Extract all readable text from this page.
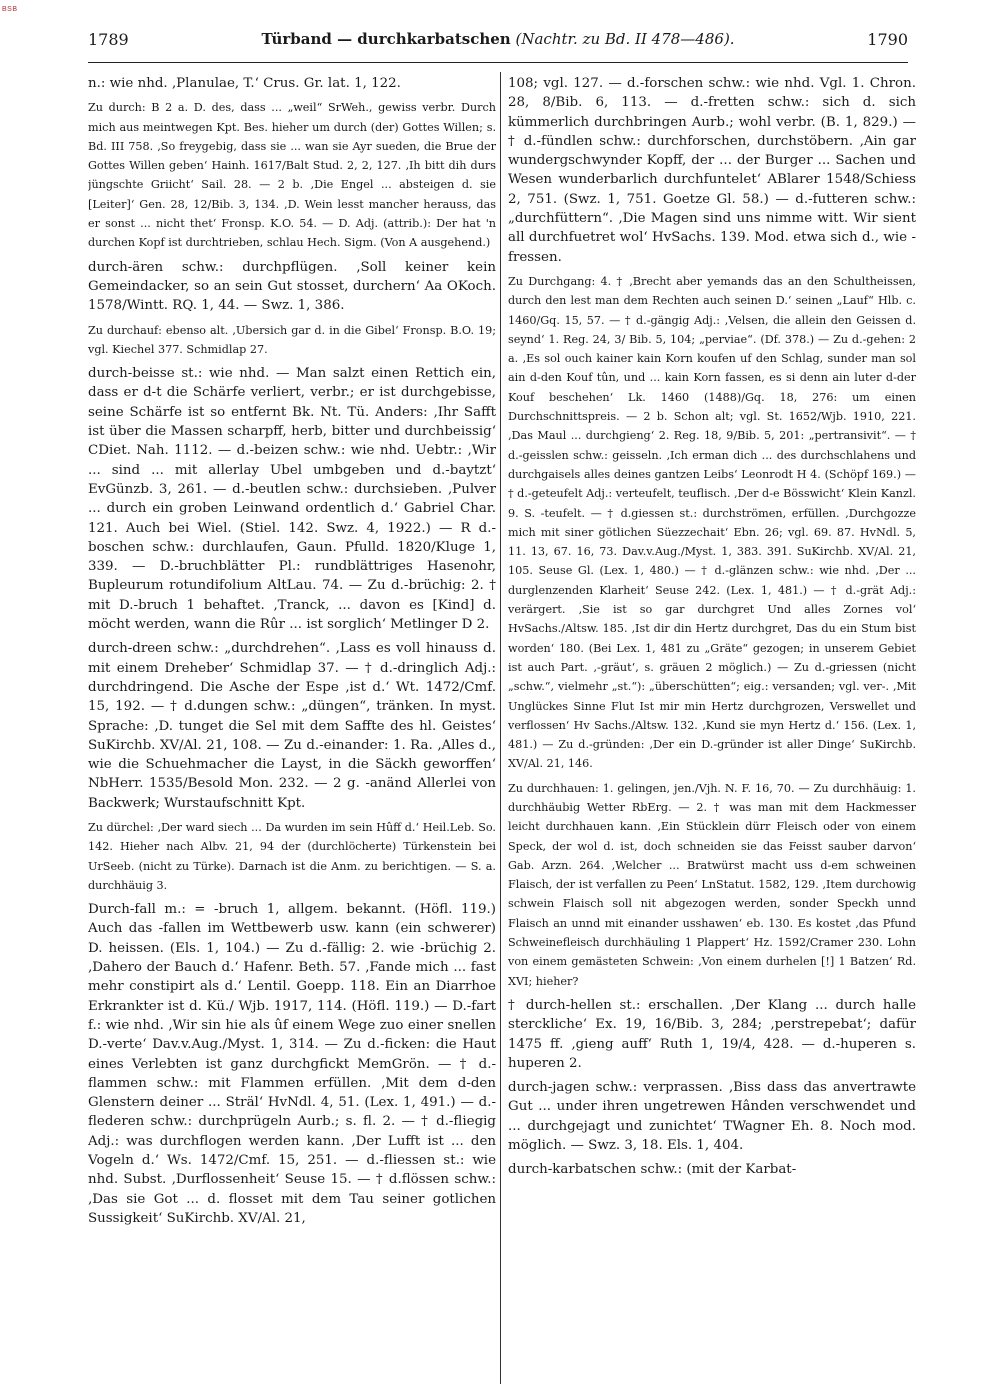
BSB
1789	Türband — durchkarbatschen (Nachtr. zu Bd. II 478—486).	1790

n.: wie nhd. ‚Planulae, T.‘ Crus. Gr. lat. 1, 122.

Zu durch: B 2 a. D. des, dass ... „weil“ SrWeh., gewiss verbr. Durch mich aus meintwegen Kpt. Bes. hieher um durch (der) Gottes Willen; s. Bd. III 758. ‚So freygebig, dass sie ... wan sie Ayr sueden, die Brue der Gottes Willen geben‘ Hainh. 1617/Balt Stud. 2, 2, 127. ‚Ih bitt dih durs jüngschte Griicht‘ Sail. 28. — 2 b. ‚Die Engel ... absteigen d. sie [Leiter]‘ Gen. 28, 12/Bib. 3, 134. ‚D. Wein lesst mancher herauss, das er sonst ... nicht thet‘ Fronsp. K.O. 54. — D. Adj. (attrib.): Der hat 'n durchen Kopf ist durchtrieben, schlau Hech. Sigm. (Von A ausgehend.)

durch-ären schw.: durchpflügen. ‚Soll keiner kein Gemeindacker, so an sein Gut stosset, durchern‘ Aa OKoch. 1578/Wintt. RQ. 1, 44. — Swz. 1, 386.

Zu durchauf: ebenso alt. ‚Ubersich gar d. in die Gibel‘ Fronsp. B.O. 19; vgl. Kiechel 377. Schmidlap 27.

durch-beisse st.: wie nhd. — Man salzt einen Rettich ein, dass er d-t die Schärfe verliert, verbr.; er ist durchgebisse, seine Schärfe ist so entfernt Bk. Nt. Tü. Anders: ‚Ihr Safft ist über die Massen scharpff, herb, bitter und durchbeissig‘ CDiet. Nah. 1112. — d.-beizen schw.: wie nhd. Uebtr.: ‚Wir ... sind ... mit allerlay Ubel umbgeben und d.-baytzt‘ EvGünzb. 3, 261. — d.-beutlen schw.: durchsieben. ‚Pulver ... durch ein groben Leinwand ordentlich d.‘ Gabriel Char. 121. Auch bei Wiel. (Stiel. 142. Swz. 4, 1922.) — R d.-boschen schw.: durchlaufen, Gaun. Pfulld. 1820/Kluge 1, 339. — D.-bruchblätter Pl.: rundblättriges Hasenohr, Bupleurum rotundifolium AltLau. 74. — Zu d.-brüchig: 2. † mit D.-bruch 1 behaftet. ‚Tranck, ... davon es [Kind] d. möcht werden, wann die Rûr ... ist sorglich‘ Metlinger D 2.

durch-dreen schw.: „durchdrehen“. ‚Lass es voll hinauss d. mit einem Dreheber‘ Schmidlap 37. — † d.-dringlich Adj.: durchdringend. Die Asche der Espe ‚ist d.‘ Wt. 1472/Cmf. 15, 192. — † d.dungen schw.: „düngen“, tränken. In myst. Sprache: ‚D. tunget die Sel mit dem Saffte des hl. Geistes‘ SuKirchb. XV/Al. 21, 108. — Zu d.-einander: 1. Ra. ‚Alles d., wie die Schuehmacher die Layst, in die Säckh geworffen‘ NbHerr. 1535/Besold Mon. 232. — 2 g. -anänd Allerlei von Backwerk; Wurstaufschnitt Kpt.

Zu dürchel: ‚Der ward siech ... Da wurden im sein Hûff d.‘ Heil.Leb. So. 142. Hieher nach Albv. 21, 94 der (durchlöcherte) Türkenstein bei UrSeeb. (nicht zu Türke). Darnach ist die Anm. zu berichtigen. — S. a. durchhäuig 3.

Durch-fall m.: = -bruch 1, allgem. bekannt. (Höfl. 119.) Auch das -fallen im Wettbewerb usw. kann (ein schwerer) D. heissen. (Els. 1, 104.) — Zu d.-fällig: 2. wie -brüchig 2. ‚Dahero der Bauch d.‘ Hafenr. Beth. 57. ‚Fande mich ... fast mehr constipirt als d.‘ Lentil. Goepp. 118. Ein an Diarrhoe Erkrankter ist d. Kü./ Wjb. 1917, 114. (Höfl. 119.) — D.-fart f.: wie nhd. ‚Wir sin hie als ûf einem Wege zuo einer snellen D.-verte‘ Dav.v.Aug./Myst. 1, 314. — Zu d.-ficken: die Haut eines Verlebten ist ganz durchgfickt MemGrön. — † d.-flammen schw.: mit Flammen erfüllen. ‚Mit dem d-den Glenstern deiner ... Sträl‘ HvNdl. 4, 51. (Lex. 1, 491.) — d.-flederen schw.: durchprügeln Aurb.; s. fl. 2. — † d.-fliegig Adj.: was durchflogen werden kann. ‚Der Lufft ist ... den Vogeln d.‘ Ws. 1472/Cmf. 15, 251. — d.-fliessen st.: wie nhd. Subst. ‚Durflossenheit‘ Seuse 15. — † d.flössen schw.: ‚Das sie Got ... d. flosset mit dem Tau seiner gotlichen Sussigkeit‘ SuKirchb. XV/Al. 21,

108; vgl. 127. — d.-forschen schw.: wie nhd. Vgl. 1. Chron. 28, 8/Bib. 6, 113. — d.-fretten schw.: sich d. sich kümmerlich durchbringen Aurb.; wohl verbr. (B. 1, 829.) — † d.-fündlen schw.: durchforschen, durchstöbern. ‚Ain gar wundergschwynder Kopff, der ... der Burger ... Sachen und Wesen wunderbarlich durchfuntelet‘ ABlarer 1548/Schiess 2, 751. (Swz. 1, 751. Goetze Gl. 58.) — d.-futteren schw.: „durchfüttern“. ‚Die Magen sind uns nimme witt. Wir sient all durchfuetret wol‘ HvSachs. 139. Mod. etwa sich d., wie -fressen.

Zu Durchgang: 4. † ‚Brecht aber yemands das an den Schultheissen, durch den lest man dem Rechten auch seinen D.‘ seinen „Lauf“ Hlb. c. 1460/Gq. 15, 57. — † d.-gängig Adj.: ‚Velsen, die allein den Geissen d. seynd‘ 1. Reg. 24, 3/ Bib. 5, 104; „perviae“. (Df. 378.) — Zu d.-gehen: 2 a. ‚Es sol ouch kainer kain Korn koufen uf den Schlag, sunder man sol ain d-den Kouf tûn, und ... kain Korn fassen, es si denn ain luter d-der Kouf beschehen‘ Lk. 1460 (1488)/Gq. 18, 276: um einen Durchschnittspreis. — 2 b. Schon alt; vgl. St. 1652/Wjb. 1910, 221. ‚Das Maul ... durchgieng‘ 2. Reg. 18, 9/Bib. 5, 201: „pertransivit“. — † d.-geisslen schw.: geisseln. ‚Ich erman dich ... des durchschlahens und durchgaisels alles deines gantzen Leibs‘ Leonrodt H 4. (Schöpf 169.) — † d.-geteufelt Adj.: verteufelt, teuflisch. ‚Der d-e Bösswicht‘ Klein Kanzl. 9. S. -teufelt. — † d.giessen st.: durchströmen, erfüllen. ‚Durchgozze mich mit siner götlichen Süezzechait‘ Ebn. 26; vgl. 69. 87. HvNdl. 5, 11. 13, 67. 16, 73. Dav.v.Aug./Myst. 1, 383. 391. SuKirchb. XV/Al. 21, 105. Seuse Gl. (Lex. 1, 480.) — † d.-glänzen schw.: wie nhd. ‚Der ... durglenzenden Klarheit‘ Seuse 242. (Lex. 1, 481.) — † d.-grät Adj.: verärgert. ‚Sie ist so gar durchgret Und alles Zornes vol‘ HvSachs./Altsw. 185. ‚Ist dir din Hertz durchgret, Das du ein Stum bist worden‘ 180. (Bei Lex. 1, 481 zu „Gräte“ gezogen; in unserem Gebiet ist auch Part. ‚-gräut‘, s. gräuen 2 möglich.) — Zu d.-griessen (nicht „schw.“, vielmehr „st.“): „überschütten“; eig.: versanden; vgl. ver-. ‚Mit Unglückes Sinne Flut Ist mir min Hertz durchgrozen, Verswellet und verflossen‘ Hv Sachs./Altsw. 132. ‚Kund sie myn Hertz d.‘ 156. (Lex. 1, 481.) — Zu d.-gründen: ‚Der ein D.-gründer ist aller Dinge‘ SuKirchb. XV/Al. 21, 146.

Zu durchhauen: 1. gelingen, jen./Vjh. N. F. 16, 70. — Zu durchhäuig: 1. durchhäubig Wetter RbErg. — 2. † was man mit dem Hackmesser leicht durchhauen kann. ‚Ein Stücklein dürr Fleisch oder von einem Speck, der wol d. ist, doch schneiden sie das Feisst sauber darvon‘ Gab. Arzn. 264. ‚Welcher ... Bratwürst macht uss d-em schweinen Flaisch, der ist verfallen zu Peen‘ LnStatut. 1582, 129. ‚Item durchowig schwein Flaisch soll nit abgezogen werden, sonder Speckh unnd Flaisch an unnd mit einander usshawen‘ eb. 130. Es kostet ‚das Pfund Schweinefleisch durchhäuling 1 Plappert‘ Hz. 1592/Cramer 230. Lohn von einem gemästeten Schwein: ‚Von einem durhelen [!] 1 Batzen‘ Rd. XVI; hieher?

† durch-hellen st.: erschallen. ‚Der Klang ... durch halle sterckliche‘ Ex. 19, 16/Bib. 3, 284; ‚perstrepebat‘; dafür 1475 ff. ‚gieng auff‘ Ruth 1, 19/4, 428. — d.-huperen s. huperen 2.

durch-jagen schw.: verprassen. ‚Biss dass das anvertrawte Gut ... under ihren ungetrewen Hânden verschwendet und ... durchgejagt und zunichtet‘ TWagner Eh. 8. Noch mod. möglich. — Swz. 3, 18. Els. 1, 404.

durch-karbatschen schw.: (mit der Karbat-
